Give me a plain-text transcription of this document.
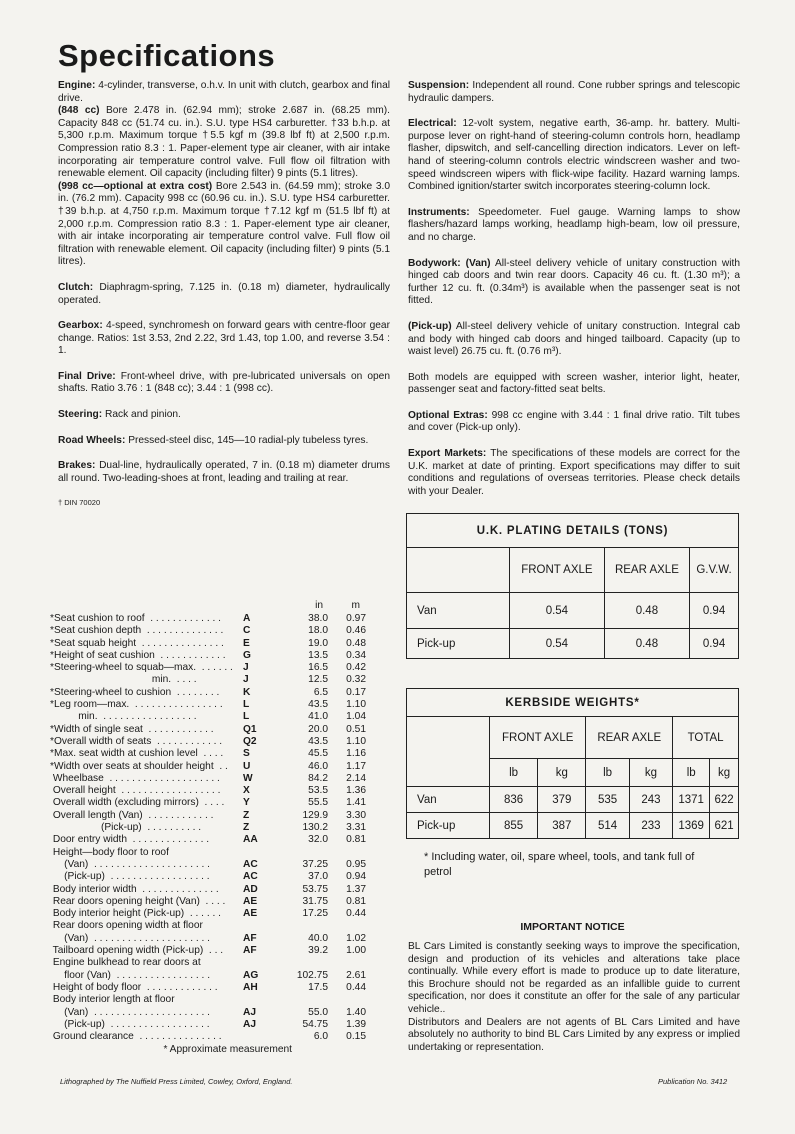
Specifications

Engine: 4-cylinder, transverse, o.h.v. In unit with clutch, gearbox and final drive.

(848 cc) Bore 2.478 in. (62.94 mm); stroke 2.687 in. (68.25 mm). Capacity 848 cc (51.74 cu. in.). S.U. type HS4 carburetter. †33 b.h.p. at 5,300 r.p.m. Maximum torque †5.5 kgf m (39.8 lbf ft) at 2,500 r.p.m. Compression ratio 8.3 : 1. Paper-element type air cleaner, with air intake incorporating air temperature control valve. Full flow oil filtration with renewable element. Oil capacity (including filter) 9 pints (5.1 litres).

(998 cc—optional at extra cost) Bore 2.543 in. (64.59 mm); stroke 3.0 in. (76.2 mm). Capacity 998 cc (60.96 cu. in.). S.U. type HS4 carburetter. †39 b.h.p. at 4,750 r.p.m. Maximum torque †7.12 kgf m (51.5 lbf ft) at 2,000 r.p.m. Compression ratio 8.3 : 1. Paper-element type air cleaner, with air intake incorporating air temperature control valve. Full flow oil filtration with renewable element. Oil capacity (including filter) 9 pints (5.1 litres).

Clutch: Diaphragm-spring, 7.125 in. (0.18 m) diameter, hydraulically operated.

Gearbox: 4-speed, synchromesh on forward gears with centre-floor gear change. Ratios: 1st 3.53, 2nd 2.22, 3rd 1.43, top 1.00, and reverse 3.54 : 1.

Final Drive: Front-wheel drive, with pre-lubricated universals on open shafts. Ratio 3.76 : 1 (848 cc); 3.44 : 1 (998 cc).

Steering: Rack and pinion.

Road Wheels: Pressed-steel disc, 145—10 radial-ply tubeless tyres.

Brakes: Dual-line, hydraulically operated, 7 in. (0.18 m) diameter drums all round. Two-leading-shoes at front, leading and trailing at rear.

† DIN 70020

Suspension: Independent all round. Cone rubber springs and telescopic hydraulic dampers.

Electrical: 12-volt system, negative earth, 36-amp. hr. battery. Multi-purpose lever on right-hand of steering-column controls horn, headlamp flasher, dipswitch, and self-cancelling direction indicators. Lever on left-hand of steering-column controls electric windscreen washer and two-speed windscreen wipers with flick-wipe facility. Hazard warning lamps. Combined ignition/starter switch incorporates steering-column lock.

Instruments: Speedometer. Fuel gauge. Warning lamps to show flashers/hazard lamps working, headlamp high-beam, low oil pressure, and no charge.

Bodywork: (Van) All-steel delivery vehicle of unitary construction with hinged cab doors and twin rear doors. Capacity 46 cu. ft. (1.30 m³); a further 12 cu. ft. (0.34m³) is available when the passenger seat is not fitted.

(Pick-up) All-steel delivery vehicle of unitary construction. Integral cab and body with hinged cab doors and hinged tailboard. Capacity (up to waist level) 26.75 cu. ft. (0.76 m³).

Both models are equipped with screen washer, interior light, heater, passenger seat and factory-fitted seat belts.

Optional Extras: 998 cc engine with 3.44 : 1 final drive ratio. Tilt tubes and cover (Pick-up only).

Export Markets: The specifications of these models are correct for the U.K. market at date of printing. Export specifications may differ to suit conditions and regulations of overseas territories. Please check details with your Dealer.

in	m
*Seat cushion to roof  . . . . . . . . . . . . . A	38.0 0.97
*Seat cushion depth  . . . . . . . . . . . . . . C	18.0 0.46
*Seat squab height  . . . . . . . . . . . . . . . E	19.0 0.48
*Height of seat cushion  . . . . . . . . . . . . G	13.5 0.34
*Steering-wheel to squab—max.  . . . . . . J	16.5 0.42
min.  . . . .	J	12.5 0.32
*Steering-wheel to cushion  . . . . . . . . K	6.5 0.17
*Leg room—max.  . . . . . . . . . . . . . . . . L	43.5 1.10
min.  . . . . . . . . . . . . . . . . .	L	41.0 1.04
*Width of single seat  . . . . . . . . . . . .	Q1	20.0 0.51
*Overall width of seats  . . . . . . . . . . . . Q2	43.5 1.10
*Max. seat width at cushion level  . . . . S	45.5 1.16
*Width over seats at shoulder height  . . U	46.0 1.17
Wheelbase  . . . . . . . . . . . . . . . . . . . . W	84.2 2.14
Overall height  . . . . . . . . . . . . . . . . . . X	53.5 1.36
Overall width (excluding mirrors)  . . . . Y	55.5 1.41
Overall length (Van)  . . . . . . . . . . . .	Z	129.9 3.30
(Pick-up)  . . . . . . . . . .	Z	130.2 3.31
Door entry width  . . . . . . . . . . . . . .	AA	32.0 0.81
Height—body floor to roof
(Van)  . . . . . . . . . . . . . . . . . . . . .	AC	37.25 0.95
(Pick-up)  . . . . . . . . . . . . . . . . . .	AC	37.0 0.94
Body interior width  . . . . . . . . . . . . . . AD	53.75 1.37
Rear doors opening height (Van)  . . . . AE	31.75 0.81
Body interior height (Pick-up)  . . . . . . AE	17.25 0.44
Rear doors opening width at floor
(Van)  . . . . . . . . . . . . . . . . . . . . .	AF	40.0 1.02
Tailboard opening width (Pick-up)  . . . AF	39.2 1.00
Engine bulkhead to rear doors at
floor (Van)  . . . . . . . . . . . . . . . . .	AG	102.75 2.61
Height of body floor  . . . . . . . . . . . . . AH	17.5 0.44
Body interior length at floor
(Van)  . . . . . . . . . . . . . . . . . . . . .	AJ	55.0 1.40
(Pick-up)  . . . . . . . . . . . . . . . . . .	AJ	54.75 1.39
Ground clearance  . . . . . . . . . . . . . . .	6.0 0.15
* Approximate measurement
U.K. PLATING DETAILS (TONS)			
	FRONT AXLE	REAR AXLE	G.V.W.
Van	0.54	0.48	0.94
Pick-up	0.54	0.48	0.94
KERBSIDE WEIGHTS*						
	FRONT AXLE		REAR AXLE		TOTAL	
	lb	kg	lb	kg	lb	kg
Van	836	379	535	243	1371	622
Pick-up	855	387	514	233	1369	621
* Including water, oil, spare wheel, tools, and tank full of petrol
IMPORTANT NOTICE

BL Cars Limited is constantly seeking ways to improve the specification, design and production of its vehicles and alterations take place continually. While every effort is made to produce up to date literature, this Brochure should not be regarded as an infallible guide to current specification, nor does it constitute an offer for the sale of any particular vehicle..

Distributors and Dealers are not agents of BL Cars Limited and have absolutely no authority to bind BL Cars Limited by any express or implied undertaking or representation.

Lithographed by The Nuffield Press Limited, Cowley, Oxford, England.	Publication No. 3412
